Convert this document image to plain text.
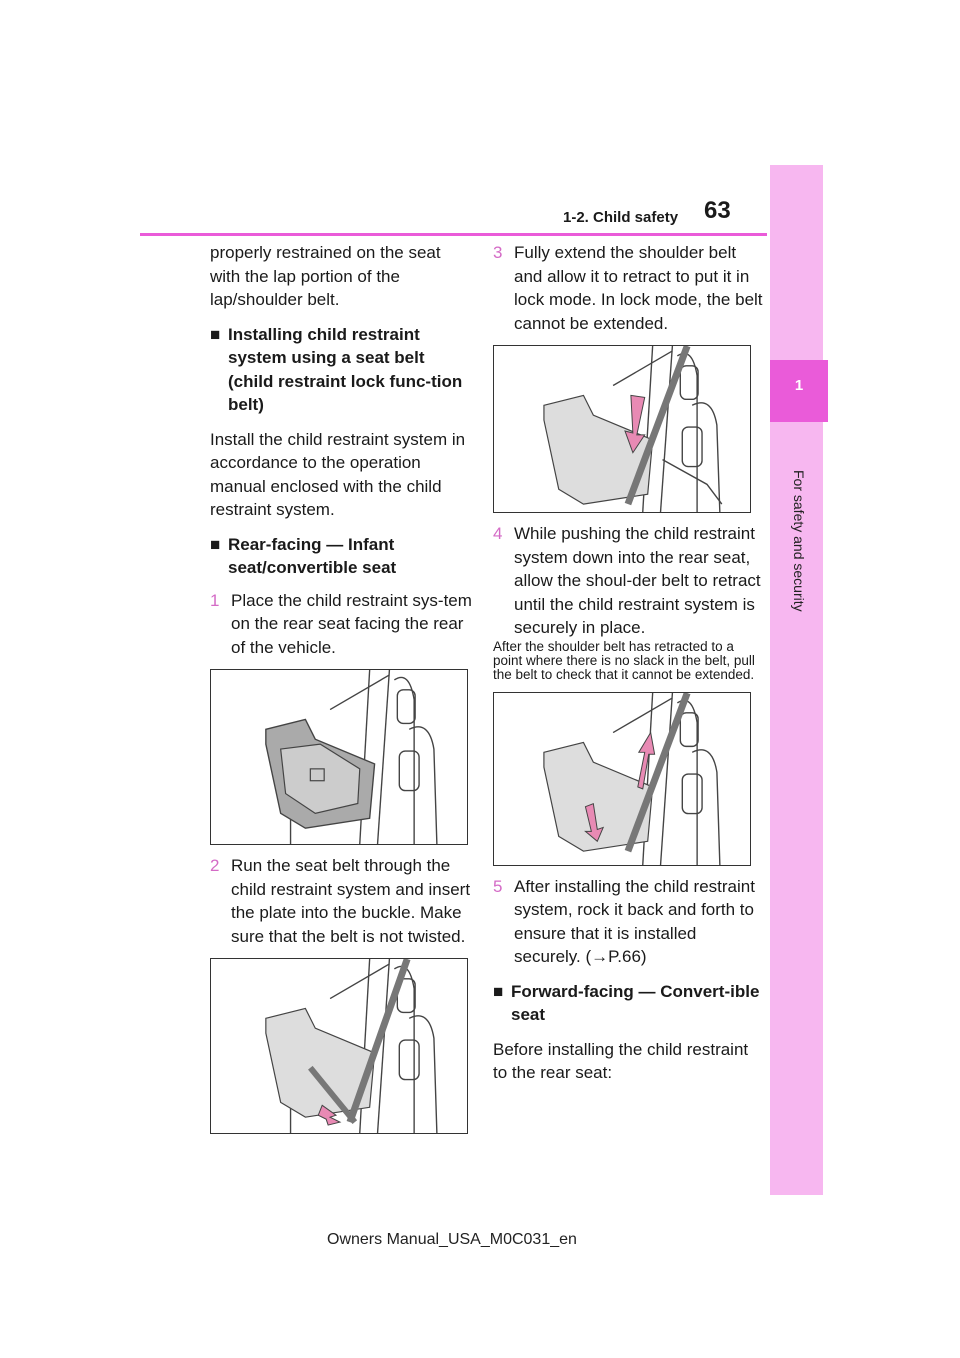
1
For safety and security
1-2. Child safety 63

properly restrained on the seat with the lap portion of the lap/shoulder belt.

■ Installing child restraint system using a seat belt (child restraint lock func-tion belt)

Install the child restraint system in accordance to the operation manual enclosed with the child restraint system.

■ Rear-facing — Infant seat/convertible seat
1 Place the child restraint sys-tem on the rear seat facing the rear of the vehicle.
2 Run the seat belt through the child restraint system and insert the plate into the buckle. Make sure that the belt is not twisted.
3 Fully extend the shoulder belt and allow it to retract to put it in lock mode. In lock mode, the belt cannot be extended.
4 While pushing the child restraint system down into the rear seat, allow the shoul-der belt to retract until the child restraint system is securely in place.

After the shoulder belt has retracted to a point where there is no slack in the belt, pull the belt to check that it cannot be extended.

5 After installing the child restraint system, rock it back and forth to ensure that it is installed securely. (→P.66)
■ Forward-facing — Convert-ible seat

Before installing the child restraint to the rear seat:

Owners Manual_USA_M0C031_en
